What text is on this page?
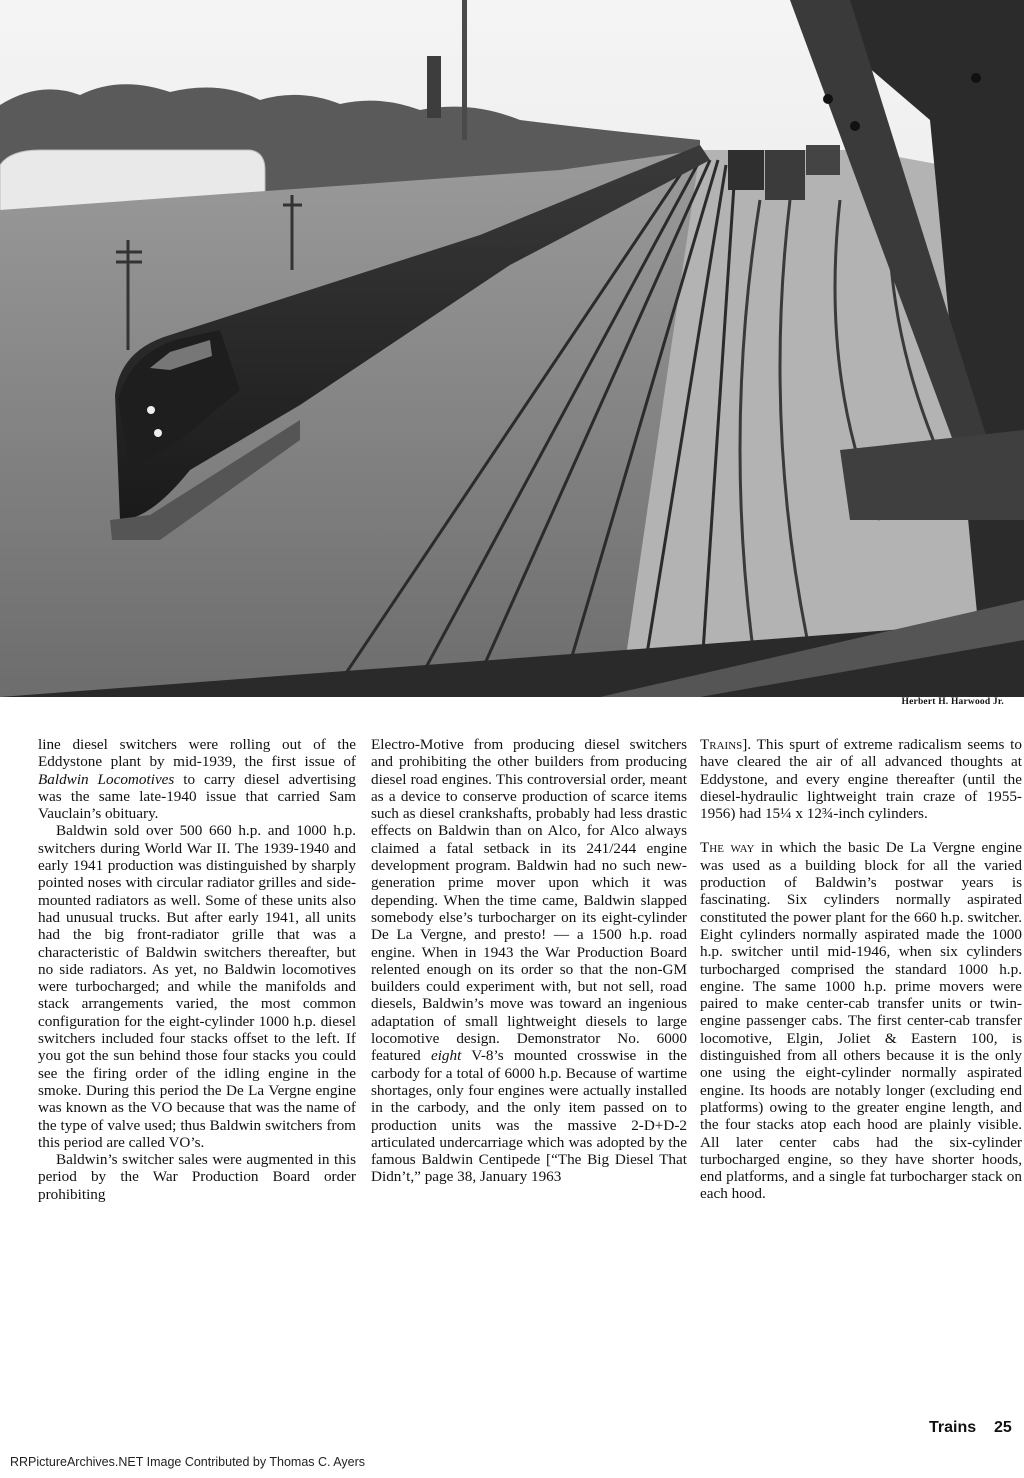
Herbert H. Harwood Jr.

line diesel switchers were rolling out of the Eddystone plant by mid-1939, the first issue of Baldwin Locomotives to carry diesel advertising was the same late-1940 issue that carried Sam Vauclain’s obituary.

Baldwin sold over 500 660 h.p. and 1000 h.p. switchers during World War II. The 1939-1940 and early 1941 production was distinguished by sharply pointed noses with circular radiator grilles and side-mounted radiators as well. Some of these units also had unusual trucks. But after early 1941, all units had the big front-radiator grille that was a characteristic of Baldwin switchers thereafter, but no side radiators. As yet, no Baldwin locomotives were turbocharged; and while the manifolds and stack arrangements varied, the most common configuration for the eight-cylinder 1000 h.p. diesel switchers included four stacks offset to the left. If you got the sun behind those four stacks you could see the firing order of the idling engine in the smoke. During this period the De La Vergne engine was known as the VO because that was the name of the type of valve used; thus Baldwin switchers from this period are called VO’s.

Baldwin’s switcher sales were augmented in this period by the War Production Board order prohibiting

Electro-Motive from producing diesel switchers and prohibiting the other builders from producing diesel road engines. This controversial order, meant as a device to conserve production of scarce items such as diesel crankshafts, probably had less drastic effects on Baldwin than on Alco, for Alco always claimed a fatal setback in its 241/244 engine development program. Baldwin had no such new-generation prime mover upon which it was depending. When the time came, Baldwin slapped somebody else’s turbocharger on its eight-cylinder De La Vergne, and presto! — a 1500 h.p. road engine. When in 1943 the War Production Board relented enough on its order so that the non-GM builders could experiment with, but not sell, road diesels, Baldwin’s move was toward an ingenious adaptation of small lightweight diesels to large locomotive design. Demonstrator No. 6000 featured eight V-8’s mounted crosswise in the carbody for a total of 6000 h.p. Because of wartime shortages, only four engines were actually installed in the carbody, and the only item passed on to production units was the massive 2-D+D-2 articulated undercarriage which was adopted by the famous Baldwin Centipede [“The Big Diesel That Didn’t,” page 38, January 1963

Trains]. This spurt of extreme radicalism seems to have cleared the air of all advanced thoughts at Eddystone, and every engine thereafter (until the diesel-hydraulic lightweight train craze of 1955-1956) had 15¼ x 12¾-inch cylinders.

The way in which the basic De La Vergne engine was used as a building block for all the varied production of Baldwin’s postwar years is fascinating. Six cylinders normally aspirated constituted the power plant for the 660 h.p. switcher. Eight cylinders normally aspirated made the 1000 h.p. switcher until mid-1946, when six cylinders turbocharged comprised the standard 1000 h.p. engine. The same 1000 h.p. prime movers were paired to make center-cab transfer units or twin-engine passenger cabs. The first center-cab transfer locomotive, Elgin, Joliet & Eastern 100, is distinguished from all others because it is the only one using the eight-cylinder normally aspirated engine. Its hoods are notably longer (excluding end platforms) owing to the greater engine length, and the four stacks atop each hood are plainly visible. All later center cabs had the six-cylinder turbocharged engine, so they have shorter hoods, end platforms, and a single fat turbocharger stack on each hood.

Trains 25
RRPictureArchives.NET Image Contributed by Thomas C. Ayers
